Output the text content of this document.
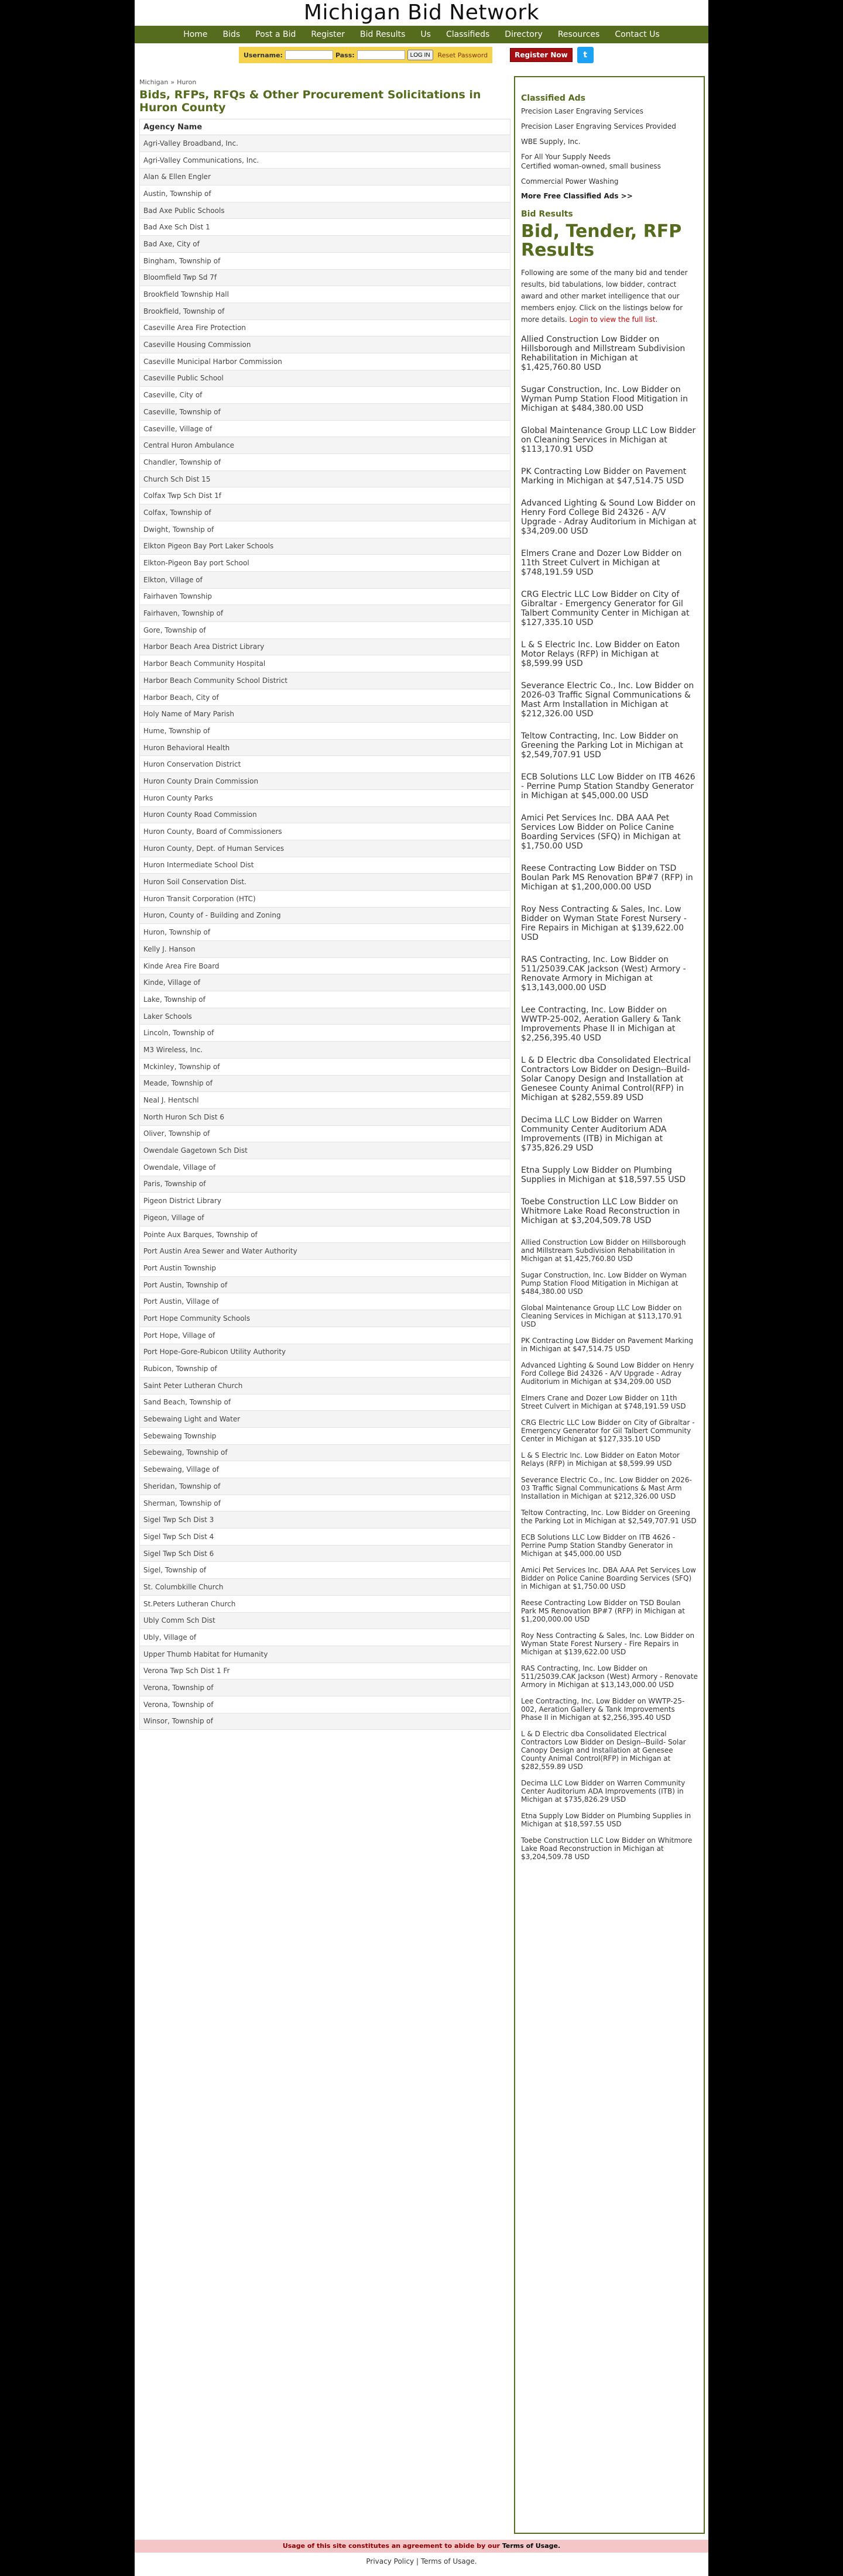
Michigan Bid Network
Home Bids Post a Bid Register Bid Results Us Classifieds Directory Resources Contact Us
Username:	Pass:	LOG IN	Reset Password	Register Now	t
Michigan » Huron
Bids, RFPs, RFQs & Other Procurement Solicitations in Huron County
Agency Name
Agri-Valley Broadband, Inc.
Agri-Valley Communications, Inc.
Alan & Ellen Engler
Austin, Township of
Bad Axe Public Schools
Bad Axe Sch Dist 1
Bad Axe, City of
Bingham, Township of
Bloomfield Twp Sd 7f
Brookfield Township Hall
Brookfield, Township of
Caseville Area Fire Protection
Caseville Housing Commission
Caseville Municipal Harbor Commission
Caseville Public School
Caseville, City of
Caseville, Township of
Caseville, Village of
Central Huron Ambulance
Chandler, Township of
Church Sch Dist 15
Colfax Twp Sch Dist 1f
Colfax, Township of
Dwight, Township of
Elkton Pigeon Bay Port Laker Schools
Elkton-Pigeon Bay port School
Elkton, Village of
Fairhaven Township
Fairhaven, Township of
Gore, Township of
Harbor Beach Area District Library
Harbor Beach Community Hospital
Harbor Beach Community School District
Harbor Beach, City of
Holy Name of Mary Parish
Hume, Township of
Huron Behavioral Health
Huron Conservation District
Huron County Drain Commission
Huron County Parks
Huron County Road Commission
Huron County, Board of Commissioners
Huron County, Dept. of Human Services
Huron Intermediate School Dist
Huron Soil Conservation Dist.
Huron Transit Corporation (HTC)
Huron, County of - Building and Zoning
Huron, Township of
Kelly J. Hanson
Kinde Area Fire Board
Kinde, Village of
Lake, Township of
Laker Schools
Lincoln, Township of
M3 Wireless, Inc.
Mckinley, Township of
Meade, Township of
Neal J. Hentschl
North Huron Sch Dist 6
Oliver, Township of
Owendale Gagetown Sch Dist
Owendale, Village of
Paris, Township of
Pigeon District Library
Pigeon, Village of
Pointe Aux Barques, Township of
Port Austin Area Sewer and Water Authority
Port Austin Township
Port Austin, Township of
Port Austin, Village of
Port Hope Community Schools
Port Hope, Village of
Port Hope-Gore-Rubicon Utility Authority
Rubicon, Township of
Saint Peter Lutheran Church
Sand Beach, Township of
Sebewaing Light and Water
Sebewaing Township
Sebewaing, Township of
Sebewaing, Village of
Sheridan, Township of
Sherman, Township of
Sigel Twp Sch Dist 3
Sigel Twp Sch Dist 4
Sigel Twp Sch Dist 6
Sigel, Township of
St. Columbkille Church
St.Peters Lutheran Church
Ubly Comm Sch Dist
Ubly, Village of
Upper Thumb Habitat for Humanity
Verona Twp Sch Dist 1 Fr
Verona, Township of
Verona, Township of
Winsor, Township of
Classified Ads
Precision Laser Engraving Services
Precision Laser Engraving Services Provided
WBE Supply, Inc.
For All Your Supply Needs
Certified woman-owned, small business
Commercial Power Washing
More Free Classified Ads >>
Bid Results
Bid, Tender, RFP Results
Following are some of the many bid and tender results, bid tabulations, low bidder, contract award and other market intelligence that our members enjoy. Click on the listings below for more details. Login to view the full list.
Allied Construction Low Bidder on Hillsborough and Millstream Subdivision Rehabilitation in Michigan at $1,425,760.80 USD
Sugar Construction, Inc. Low Bidder on Wyman Pump Station Flood Mitigation in Michigan at $484,380.00 USD
Global Maintenance Group LLC Low Bidder on Cleaning Services in Michigan at $113,170.91 USD
PK Contracting Low Bidder on Pavement Marking in Michigan at $47,514.75 USD
Advanced Lighting & Sound Low Bidder on Henry Ford College Bid 24326 - A/V Upgrade - Adray Auditorium in Michigan at $34,209.00 USD
Elmers Crane and Dozer Low Bidder on 11th Street Culvert in Michigan at $748,191.59 USD
CRG Electric LLC Low Bidder on City of Gibraltar - Emergency Generator for Gil Talbert Community Center in Michigan at $127,335.10 USD
L & S Electric Inc. Low Bidder on Eaton Motor Relays (RFP) in Michigan at $8,599.99 USD
Severance Electric Co., Inc. Low Bidder on 2026-03 Traffic Signal Communications & Mast Arm Installation in Michigan at $212,326.00 USD
Teltow Contracting, Inc. Low Bidder on Greening the Parking Lot in Michigan at $2,549,707.91 USD
ECB Solutions LLC Low Bidder on ITB 4626 - Perrine Pump Station Standby Generator in Michigan at $45,000.00 USD
Amici Pet Services Inc. DBA AAA Pet Services Low Bidder on Police Canine Boarding Services (SFQ) in Michigan at $1,750.00 USD
Reese Contracting Low Bidder on TSD Boulan Park MS Renovation BP#7 (RFP) in Michigan at $1,200,000.00 USD
Roy Ness Contracting & Sales, Inc. Low Bidder on Wyman State Forest Nursery - Fire Repairs in Michigan at $139,622.00 USD
RAS Contracting, Inc. Low Bidder on 511/25039.CAK Jackson (West) Armory - Renovate Armory in Michigan at $13,143,000.00 USD
Lee Contracting, Inc. Low Bidder on WWTP-25-002, Aeration Gallery & Tank Improvements Phase II in Michigan at $2,256,395.40 USD
L & D Electric dba Consolidated Electrical Contractors Low Bidder on Design--Build- Solar Canopy Design and Installation at Genesee County Animal Control(RFP) in Michigan at $282,559.89 USD
Decima LLC Low Bidder on Warren Community Center Auditorium ADA Improvements (ITB) in Michigan at $735,826.29 USD
Etna Supply Low Bidder on Plumbing Supplies in Michigan at $18,597.55 USD
Toebe Construction LLC Low Bidder on Whitmore Lake Road Reconstruction in Michigan at $3,204,509.78 USD
Allied Construction Low Bidder on Hillsborough and Millstream Subdivision Rehabilitation in Michigan at $1,425,760.80 USD
Sugar Construction, Inc. Low Bidder on Wyman Pump Station Flood Mitigation in Michigan at $484,380.00 USD
Global Maintenance Group LLC Low Bidder on Cleaning Services in Michigan at $113,170.91 USD
PK Contracting Low Bidder on Pavement Marking in Michigan at $47,514.75 USD
Advanced Lighting & Sound Low Bidder on Henry Ford College Bid 24326 - A/V Upgrade - Adray Auditorium in Michigan at $34,209.00 USD
Elmers Crane and Dozer Low Bidder on 11th Street Culvert in Michigan at $748,191.59 USD
CRG Electric LLC Low Bidder on City of Gibraltar - Emergency Generator for Gil Talbert Community Center in Michigan at $127,335.10 USD
L & S Electric Inc. Low Bidder on Eaton Motor Relays (RFP) in Michigan at $8,599.99 USD
Severance Electric Co., Inc. Low Bidder on 2026-03 Traffic Signal Communications & Mast Arm Installation in Michigan at $212,326.00 USD
Teltow Contracting, Inc. Low Bidder on Greening the Parking Lot in Michigan at $2,549,707.91 USD
ECB Solutions LLC Low Bidder on ITB 4626 - Perrine Pump Station Standby Generator in Michigan at $45,000.00 USD
Amici Pet Services Inc. DBA AAA Pet Services Low Bidder on Police Canine Boarding Services (SFQ) in Michigan at $1,750.00 USD
Reese Contracting Low Bidder on TSD Boulan Park MS Renovation BP#7 (RFP) in Michigan at $1,200,000.00 USD
Roy Ness Contracting & Sales, Inc. Low Bidder on Wyman State Forest Nursery - Fire Repairs in Michigan at $139,622.00 USD
RAS Contracting, Inc. Low Bidder on 511/25039.CAK Jackson (West) Armory - Renovate Armory in Michigan at $13,143,000.00 USD
Lee Contracting, Inc. Low Bidder on WWTP-25-002, Aeration Gallery & Tank Improvements Phase II in Michigan at $2,256,395.40 USD
L & D Electric dba Consolidated Electrical Contractors Low Bidder on Design--Build- Solar Canopy Design and Installation at Genesee County Animal Control(RFP) in Michigan at $282,559.89 USD
Decima LLC Low Bidder on Warren Community Center Auditorium ADA Improvements (ITB) in Michigan at $735,826.29 USD
Etna Supply Low Bidder on Plumbing Supplies in Michigan at $18,597.55 USD
Toebe Construction LLC Low Bidder on Whitmore Lake Road Reconstruction in Michigan at $3,204,509.78 USD
Usage of this site constitutes an agreement to abide by our Terms of Usage.
Privacy Policy | Terms of Usage.
